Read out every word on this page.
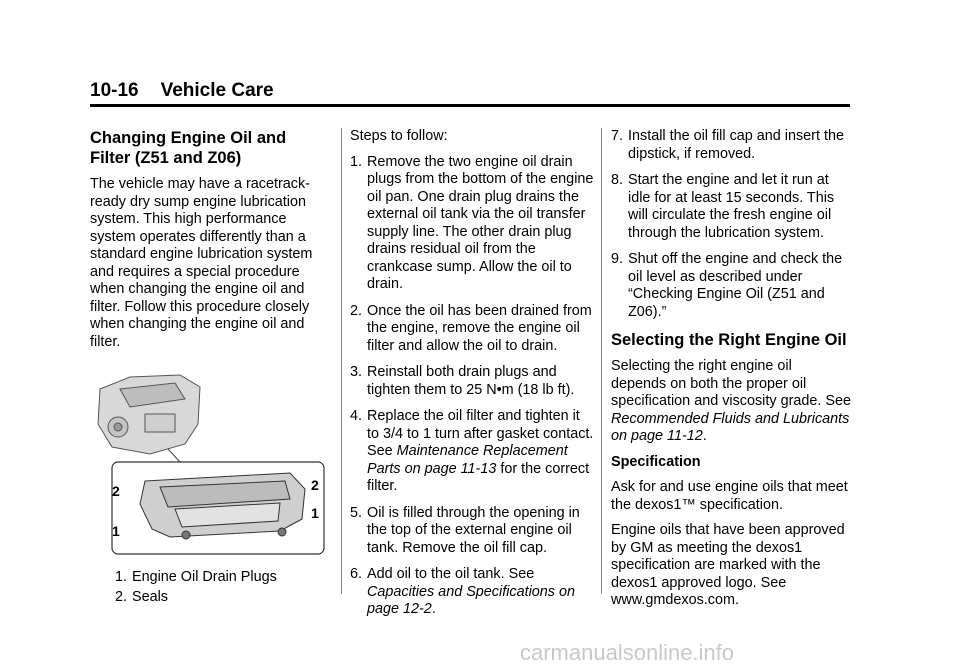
10-16 Vehicle Care
Changing Engine Oil and Filter (Z51 and Z06)

The vehicle may have a racetrack-ready dry sump engine lubrication system. This high performance system operates differently than a standard engine lubrication system and requires a special procedure when changing the engine oil and filter. Follow this procedure closely when changing the engine oil and filter.

2
1
2
1
1. Engine Oil Drain Plugs
2. Seals

Steps to follow:

1. Remove the two engine oil drain plugs from the bottom of the engine oil pan. One drain plug drains the external oil tank via the oil transfer supply line. The other drain plug drains residual oil from the crankcase sump. Allow the oil to drain.
2. Once the oil has been drained from the engine, remove the engine oil filter and allow the oil to drain.
3. Reinstall both drain plugs and tighten them to 25 N•m (18 lb ft).
4. Replace the oil filter and tighten it to 3/4 to 1 turn after gasket contact. See Maintenance Replacement Parts on page 11-13 for the correct filter.
5. Oil is filled through the opening in the top of the external engine oil tank. Remove the oil fill cap.
6. Add oil to the oil tank. See Capacities and Specifications on page 12-2.
7. Install the oil fill cap and insert the dipstick, if removed.
8. Start the engine and let it run at idle for at least 15 seconds. This will circulate the fresh engine oil through the lubrication system.
9. Shut off the engine and check the oil level as described under “Checking Engine Oil (Z51 and Z06).”
Selecting the Right Engine Oil

Selecting the right engine oil depends on both the proper oil specification and viscosity grade. See Recommended Fluids and Lubricants on page 11-12.

Specification

Ask for and use engine oils that meet the dexos1™ specification.

Engine oils that have been approved by GM as meeting the dexos1 specification are marked with the dexos1 approved logo. See www.gmdexos.com.

carmanualsonline.info
